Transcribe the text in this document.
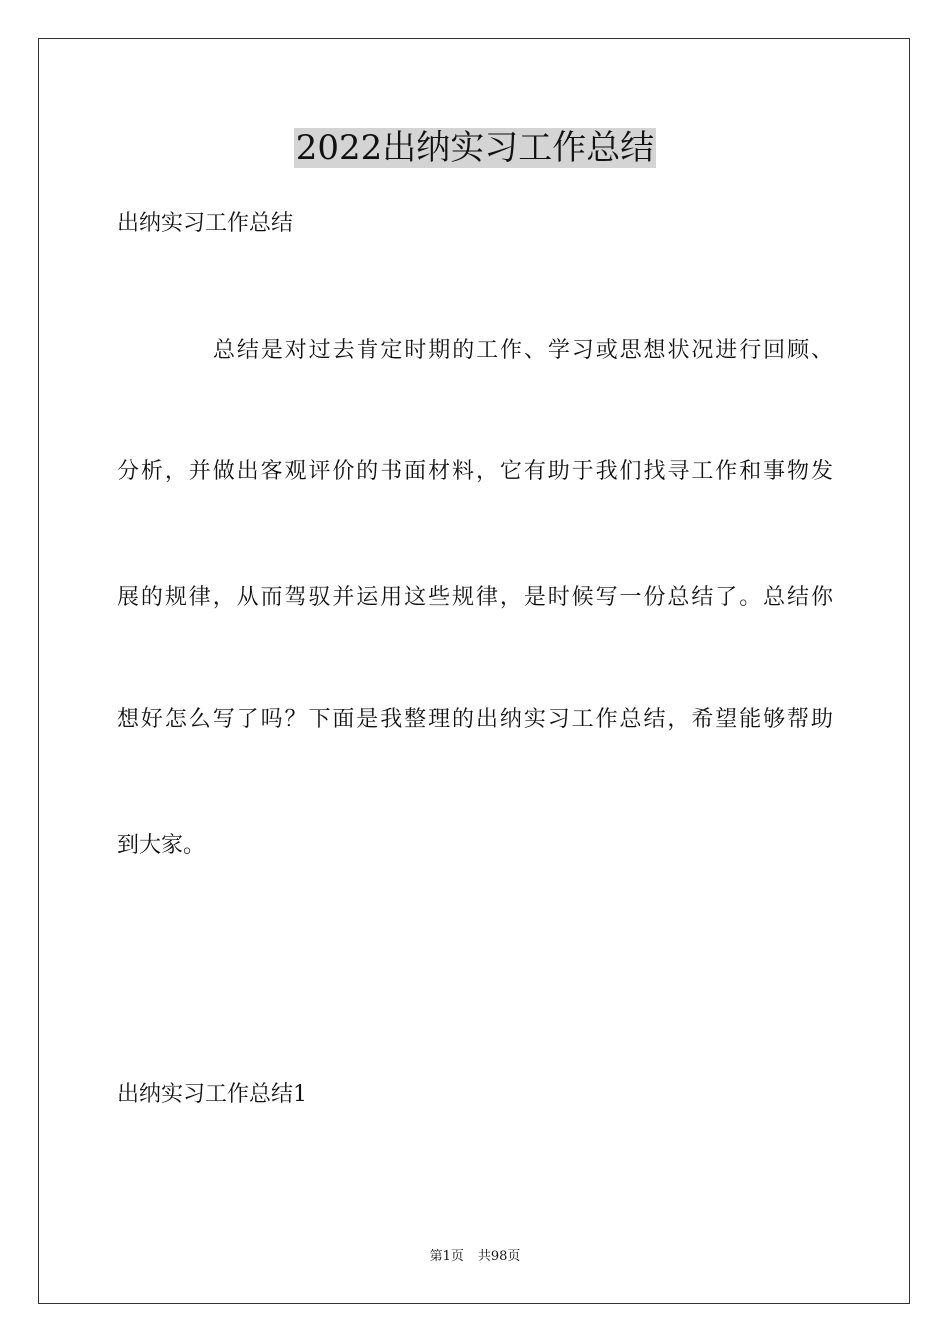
2022出纳实习工作总结

出纳实习工作总结

总结是对过去肯定时期的工作、学习或思想状况进行回顾、

分析，并做出客观评价的书面材料，它有助于我们找寻工作和事物发

展的规律，从而驾驭并运用这些规律，是时候写一份总结了。总结你

想好怎么写了吗？下面是我整理的出纳实习工作总结，希望能够帮助

到大家。

出纳实习工作总结1

第1页 共98页
